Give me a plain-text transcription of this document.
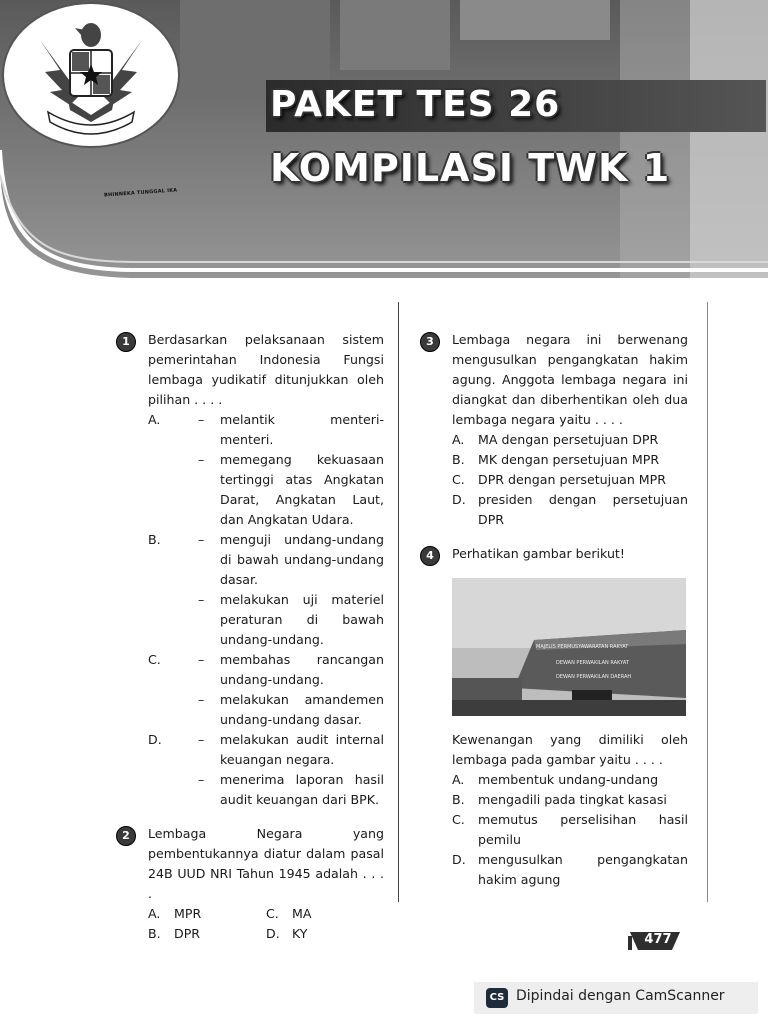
BHINNEKA TUNGGAL IKA
PAKET TES 26
KOMPILASI TWK 1
1	Berdasarkan pelaksanaan sistem pemerintahan Indonesia Fungsi lembaga yudikatif ditunjukkan oleh pilihan . . . .
A.	– melantik menteri-menteri.
– memegang kekuasaan tertinggi atas Angkatan Darat, Angkatan Laut, dan Angkatan Udara.
B.	– menguji undang-undang di bawah undang-undang dasar.
– melakukan uji materiel peraturan di bawah undang-undang.
C.	– membahas rancangan undang-undang.
– melakukan amandemen undang-undang dasar.
D.	– melakukan audit internal keuangan negara.
– menerima laporan hasil audit keuangan dari BPK.
2	Lembaga Negara yang pembentukannya diatur dalam pasal 24B UUD NRI Tahun 1945 adalah . . . .
A. MPR	C. MA
B. DPR	D. KY
3	Lembaga negara ini berwenang mengusulkan pengangkatan hakim agung. Anggota lembaga negara ini diangkat dan diberhentikan oleh dua lembaga negara yaitu . . . .
A. MA dengan persetujuan DPR
B. MK dengan persetujuan MPR
C. DPR dengan persetujuan MPR
D. presiden dengan persetujuan DPR
4	Perhatikan gambar berikut!
MAJELIS PERMUSYAWARATAN RAKYAT
DEWAN PERWAKILAN RAKYAT
DEWAN PERWAKILAN DAERAH
Kewenangan yang dimiliki oleh lembaga pada gambar yaitu . . . .
A. membentuk undang-undang
B. mengadili pada tingkat kasasi
C. memutus perselisihan hasil pemilu
D. mengusulkan pengangkatan hakim agung
477
CS Dipindai dengan CamScanner
